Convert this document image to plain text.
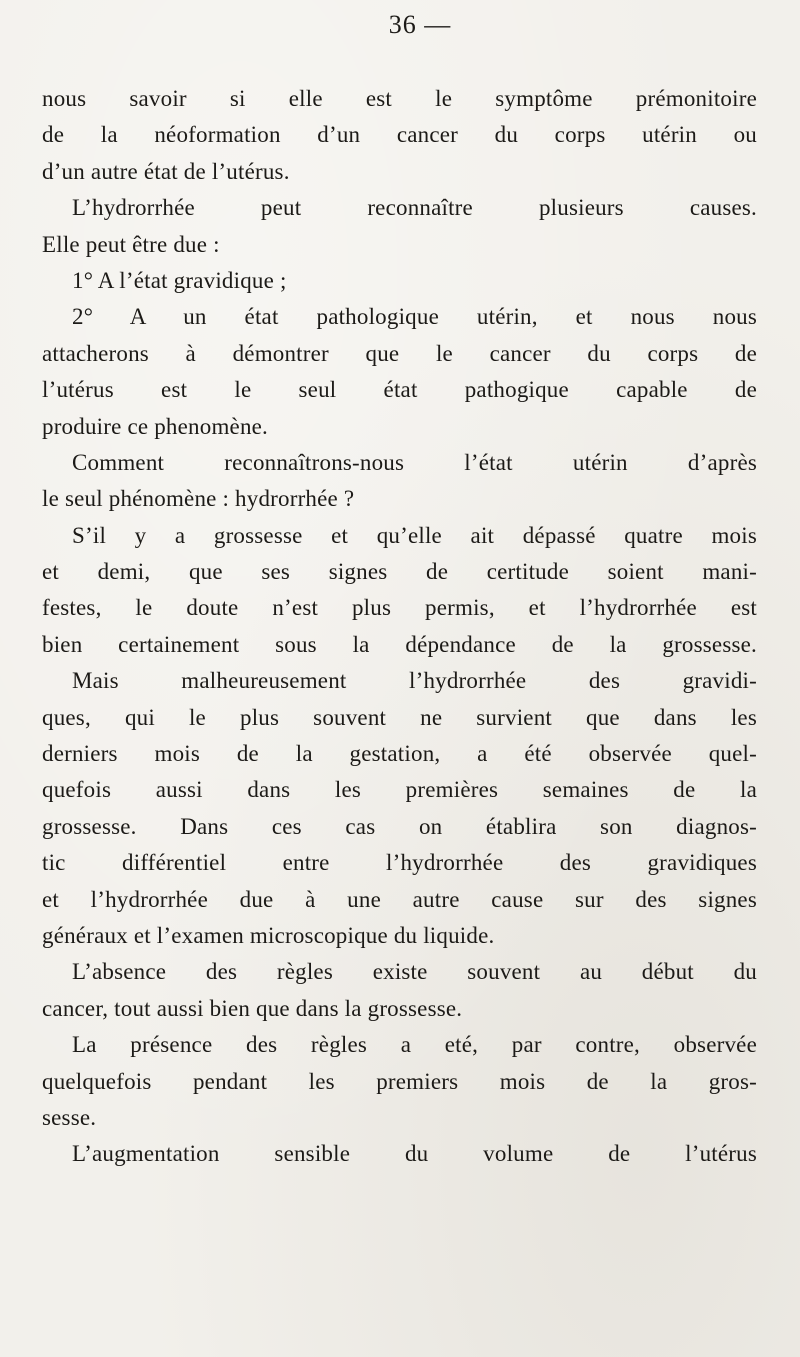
36 —
nous savoir si elle est le symptôme prémonitoire
de la néoformation d’un cancer du corps utérin ou
d’un autre état de l’utérus.
L’hydrorrhée peut reconnaître plusieurs causes.
Elle peut être due :
1° A l’état gravidique ;
2° A un état pathologique utérin, et nous nous
attacherons à démontrer que le cancer du corps de
l’utérus est le seul état pathogique capable de
produire ce phenomène.
Comment reconnaîtrons-nous l’état utérin d’après
le seul phénomène : hydrorrhée ?
S’il y a grossesse et qu’elle ait dépassé quatre mois
et demi, que ses signes de certitude soient mani-
festes, le doute n’est plus permis, et l’hydrorrhée est
bien certainement sous la dépendance de la grossesse.
Mais malheureusement l’hydrorrhée des gravidi-
ques, qui le plus souvent ne survient que dans les
derniers mois de la gestation, a été observée quel-
quefois aussi dans les premières semaines de la
grossesse. Dans ces cas on établira son diagnos-
tic différentiel entre l’hydrorrhée des gravidiques
et l’hydrorrhée due à une autre cause sur des signes
généraux et l’examen microscopique du liquide.
L’absence des règles existe souvent au début du
cancer, tout aussi bien que dans la grossesse.
La présence des règles a eté, par contre, observée
quelquefois pendant les premiers mois de la gros-
sesse.
L’augmentation sensible du volume de l’utérus
